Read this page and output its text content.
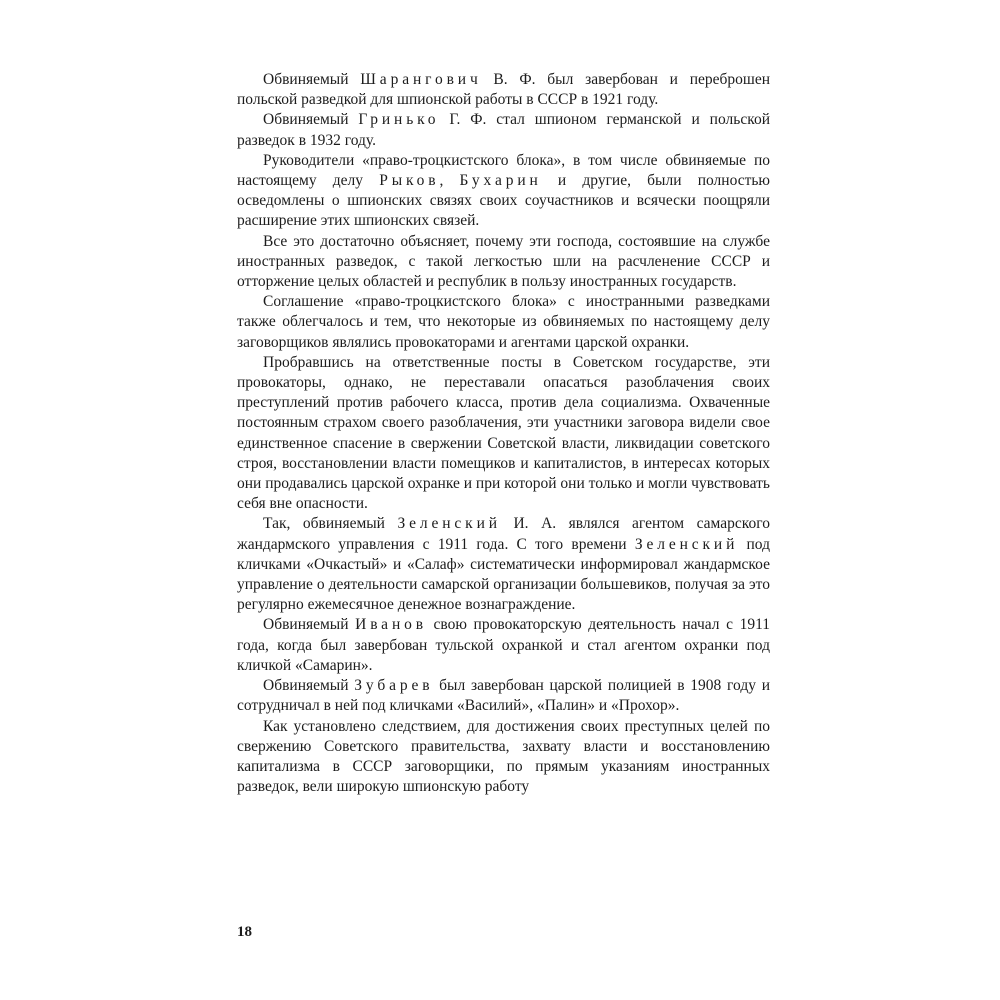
Обвиняемый Шарангович В. Ф. был завербован и переброшен польской разведкой для шпионской работы в СССР в 1921 году.

Обвиняемый Гринько Г. Ф. стал шпионом германской и польской разведок в 1932 году.

Руководители «право-троцкистского блока», в том числе обвиняемые по настоящему делу Рыков, Бухарин и другие, были полностью осведомлены о шпионских связях своих соучастников и всячески поощряли расширение этих шпионских связей.

Все это достаточно объясняет, почему эти господа, состоявшие на службе иностранных разведок, с такой легкостью шли на расчленение СССР и отторжение целых областей и республик в пользу иностранных государств.

Соглашение «право-троцкистского блока» с иностранными разведками также облегчалось и тем, что некоторые из обвиняемых по настоящему делу заговорщиков являлись провокаторами и агентами царской охранки.

Пробравшись на ответственные посты в Советском государстве, эти провокаторы, однако, не переставали опасаться разоблачения своих преступлений против рабочего класса, против дела социализма. Охваченные постоянным страхом своего разоблачения, эти участники заговора видели свое единственное спасение в свержении Советской власти, ликвидации советского строя, восстановлении власти помещиков и капиталистов, в интересах которых они продавались царской охранке и при которой они только и могли чувствовать себя вне опасности.

Так, обвиняемый Зеленский И. А. являлся агентом самарского жандармского управления с 1911 года. С того времени Зеленский под кличками «Очкастый» и «Салаф» систематически информировал жандармское управление о деятельности самарской организации большевиков, получая за это регулярно ежемесячное денежное вознаграждение.

Обвиняемый Иванов свою провокаторскую деятельность начал с 1911 года, когда был завербован тульской охранкой и стал агентом охранки под кличкой «Самарин».

Обвиняемый Зубарев был завербован царской полицией в 1908 году и сотрудничал в ней под кличками «Василий», «Палин» и «Прохор».

Как установлено следствием, для достижения своих преступных целей по свержению Советского правительства, захвату власти и восстановлению капитализма в СССР заговорщики, по прямым указаниям иностранных разведок, вели широкую шпионскую работу

18
